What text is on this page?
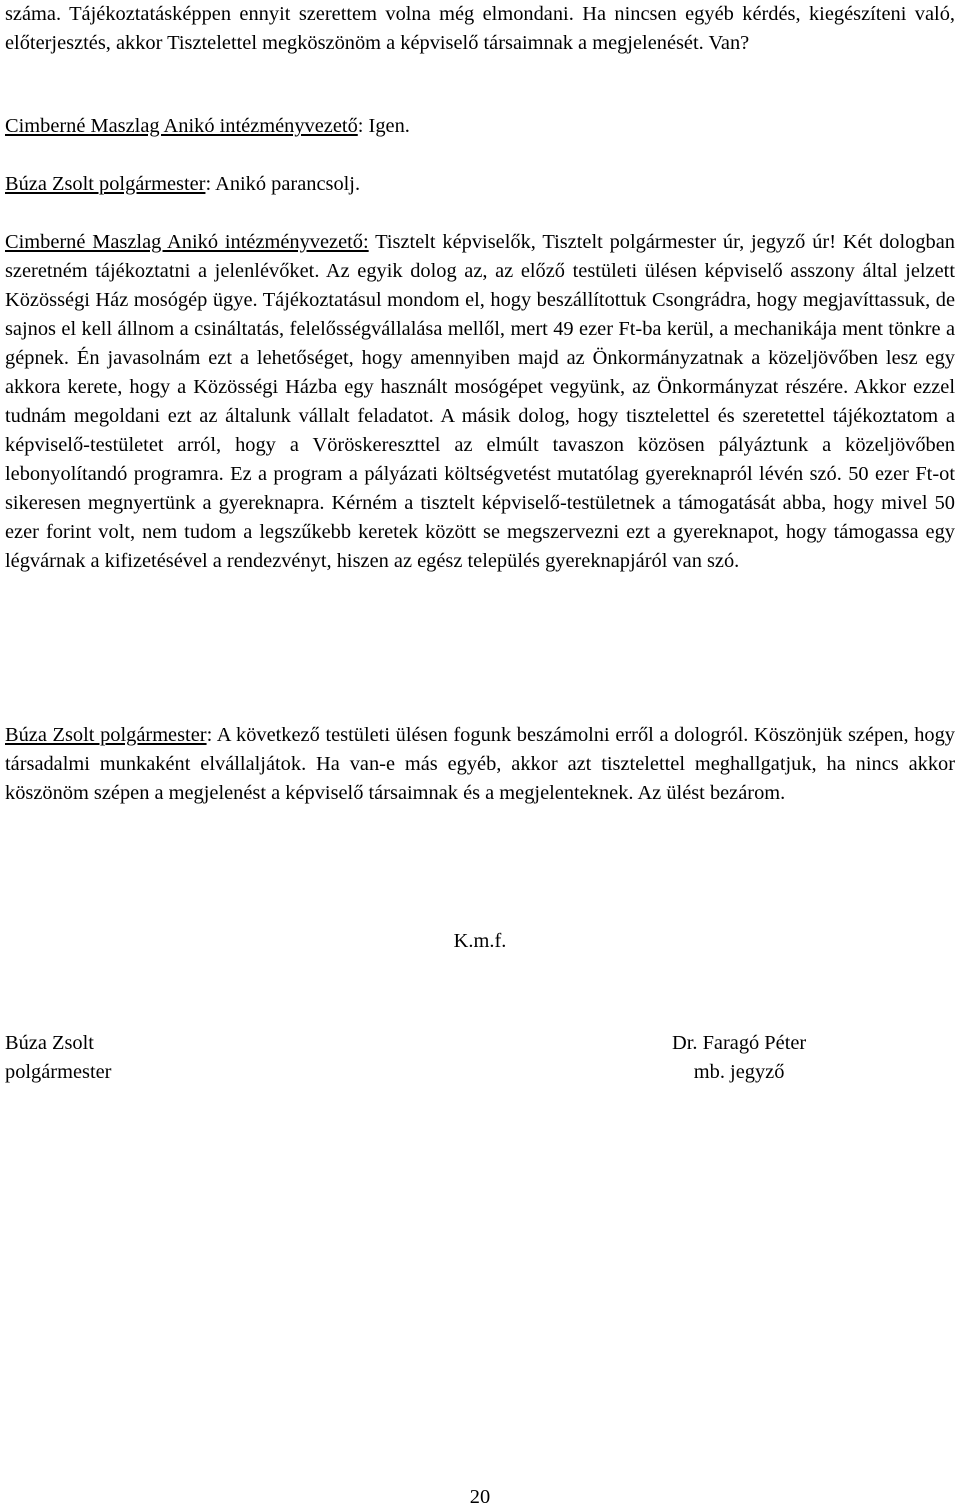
száma. Tájékoztatásképpen ennyit szerettem volna még elmondani. Ha nincsen egyéb kérdés, kiegészíteni való, előterjesztés, akkor Tisztelettel megköszönöm a képviselő társaimnak a megjelenését. Van?

Cimberné Maszlag Anikó intézményvezető: Igen.

Búza Zsolt polgármester: Anikó parancsolj.

Cimberné Maszlag Anikó intézményvezető: Tisztelt képviselők, Tisztelt polgármester úr, jegyző úr! Két dologban szeretném tájékoztatni a jelenlévőket. Az egyik dolog az, az előző testületi ülésen képviselő asszony által jelzett Közösségi Ház mosógép ügye. Tájékoztatásul mondom el, hogy beszállítottuk Csongrádra, hogy megjavíttassuk, de sajnos el kell állnom a csináltatás, felelősségvállalása mellől, mert 49 ezer Ft-ba kerül, a mechanikája ment tönkre a gépnek. Én javasolnám ezt a lehetőséget, hogy amennyiben majd az Önkormányzatnak a közeljövőben lesz egy akkora kerete, hogy a Közösségi Házba egy használt mosógépet vegyünk, az Önkormányzat részére. Akkor ezzel tudnám megoldani ezt az általunk vállalt feladatot. A másik dolog, hogy tisztelettel és szeretettel tájékoztatom a képviselő-testületet arról, hogy a Vöröskereszttel az elmúlt tavaszon közösen pályáztunk a közeljövőben lebonyolítandó programra. Ez a program a pályázati költségvetést mutatólag gyereknapról lévén szó. 50 ezer Ft-ot sikeresen megnyertünk a gyereknapra. Kérném a tisztelt képviselő-testületnek a támogatását abba, hogy mivel 50 ezer forint volt, nem tudom a legszűkebb keretek között se megszervezni ezt a gyereknapot, hogy támogassa egy légvárnak a kifizetésével a rendezvényt, hiszen az egész település gyereknapjáról van szó.

Búza Zsolt polgármester: A következő testületi ülésen fogunk beszámolni erről a dologról. Köszönjük szépen, hogy társadalmi munkaként elvállaljátok. Ha van-e más egyéb, akkor azt tisztelettel meghallgatjuk, ha nincs akkor köszönöm szépen a megjelenést a képviselő társaimnak és a megjelenteknek. Az ülést bezárom.

K.m.f.

Búza Zsolt
polgármester
Dr. Faragó Péter
mb. jegyző

20
